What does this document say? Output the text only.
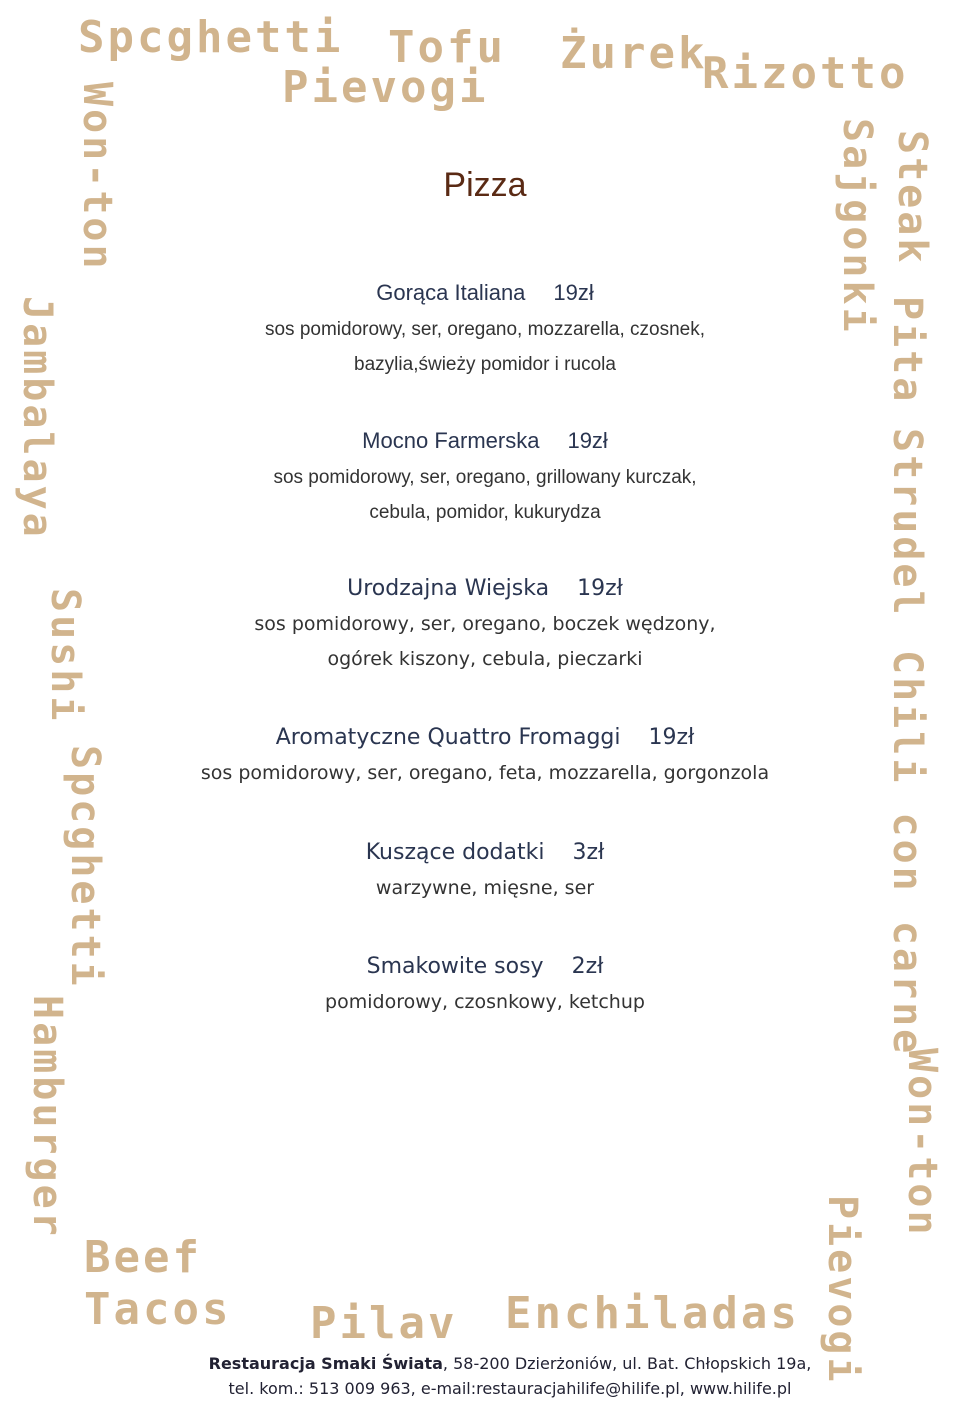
Spcghetti Tofu Żurek
Rizotto
Pievogi
Won-ton
Jambalaya
Sushi
Spcghetti
Hamburger
Sajgonki Steak
Pita
Strudel
Chili con carne
Won-ton
Pievogi
Beef
Tacos Pilav Enchiladas
Pizza

Gorąca Italiana 19zł

sos pomidorowy, ser, oregano, mozzarella, czosnek,
bazylia,świeży pomidor i rucola

Mocno Farmerska 19zł

sos pomidorowy, ser, oregano, grillowany kurczak,
cebula, pomidor, kukurydza

Urodzajna Wiejska 19zł

sos pomidorowy, ser, oregano, boczek wędzony,
ogórek kiszony, cebula, pieczarki

Aromatyczne Quattro Fromaggi 19zł

sos pomidorowy, ser, oregano, feta, mozzarella, gorgonzola

Kuszące dodatki 3zł

warzywne, mięsne, ser

Smakowite sosy 2zł

pomidorowy, czosnkowy, ketchup

Restauracja Smaki Świata, 58-200 Dzierżoniów, ul. Bat. Chłopskich 19a,
tel. kom.: 513 009 963, e-mail:restauracjahilife@hilife.pl, www.hilife.pl
